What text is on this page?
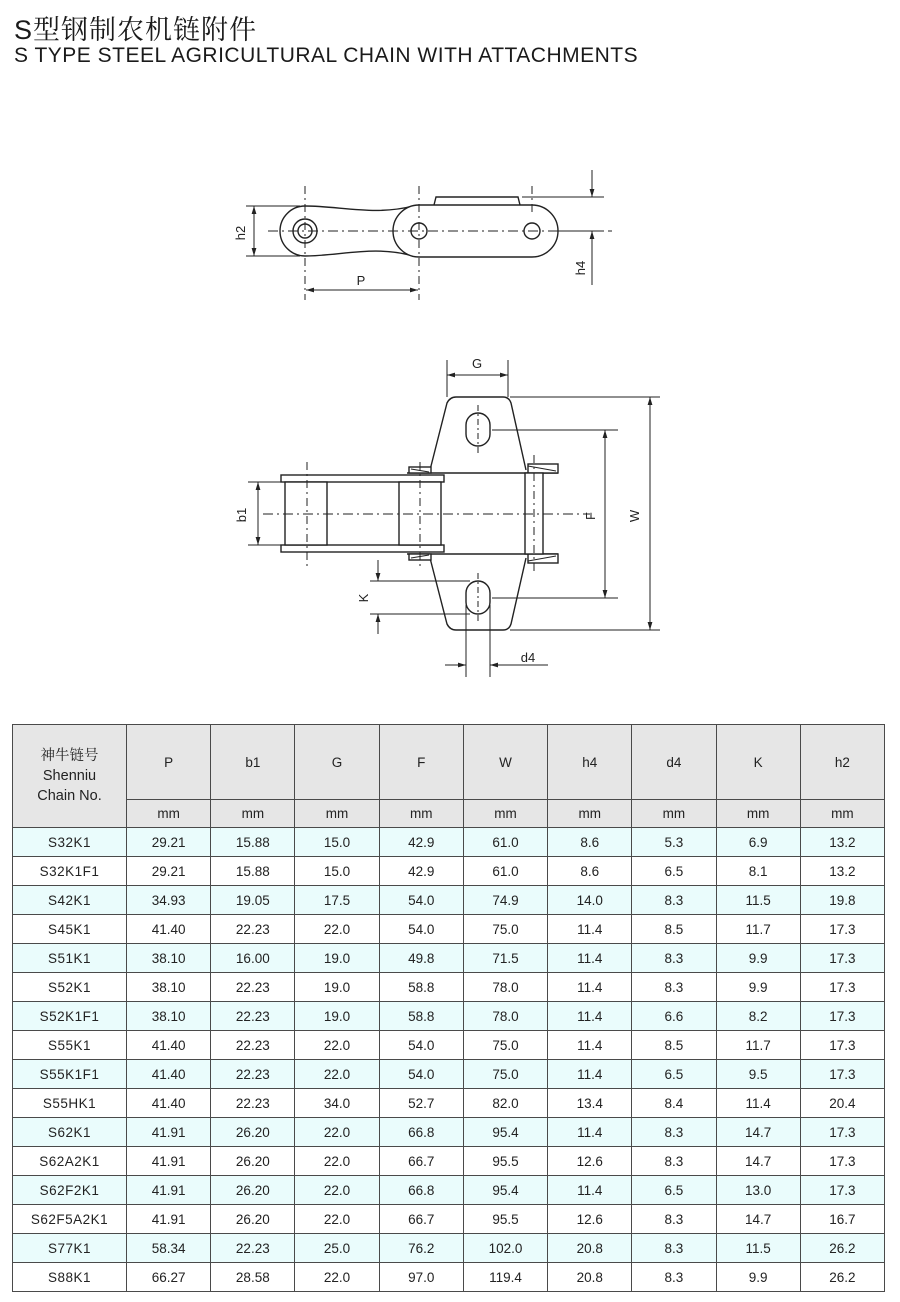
S型钢制农机链附件
S TYPE STEEL AGRICULTURAL CHAIN WITH ATTACHMENTS
h2
P
h4
G
b1	F W
K
d4
神牛链号
Shenniu
Chain No.	P	b1	G	F	W	h4	d4	K	h2
	mm	mm	mm	mm	mm	mm	mm	mm	mm
S32K1	29.21	15.88	15.0	42.9	61.0	8.6	5.3	6.9	13.2
S32K1F1	29.21	15.88	15.0	42.9	61.0	8.6	6.5	8.1	13.2
S42K1	34.93	19.05	17.5	54.0	74.9	14.0	8.3	11.5	19.8
S45K1	41.40	22.23	22.0	54.0	75.0	11.4	8.5	11.7	17.3
S51K1	38.10	16.00	19.0	49.8	71.5	11.4	8.3	9.9	17.3
S52K1	38.10	22.23	19.0	58.8	78.0	11.4	8.3	9.9	17.3
S52K1F1	38.10	22.23	19.0	58.8	78.0	11.4	6.6	8.2	17.3
S55K1	41.40	22.23	22.0	54.0	75.0	11.4	8.5	11.7	17.3
S55K1F1	41.40	22.23	22.0	54.0	75.0	11.4	6.5	9.5	17.3
S55HK1	41.40	22.23	34.0	52.7	82.0	13.4	8.4	11.4	20.4
S62K1	41.91	26.20	22.0	66.8	95.4	11.4	8.3	14.7	17.3
S62A2K1	41.91	26.20	22.0	66.7	95.5	12.6	8.3	14.7	17.3
S62F2K1	41.91	26.20	22.0	66.8	95.4	11.4	6.5	13.0	17.3
S62F5A2K1	41.91	26.20	22.0	66.7	95.5	12.6	8.3	14.7	16.7
S77K1	58.34	22.23	25.0	76.2	102.0	20.8	8.3	11.5	26.2
S88K1	66.27	28.58	22.0	97.0	119.4	20.8	8.3	9.9	26.2
